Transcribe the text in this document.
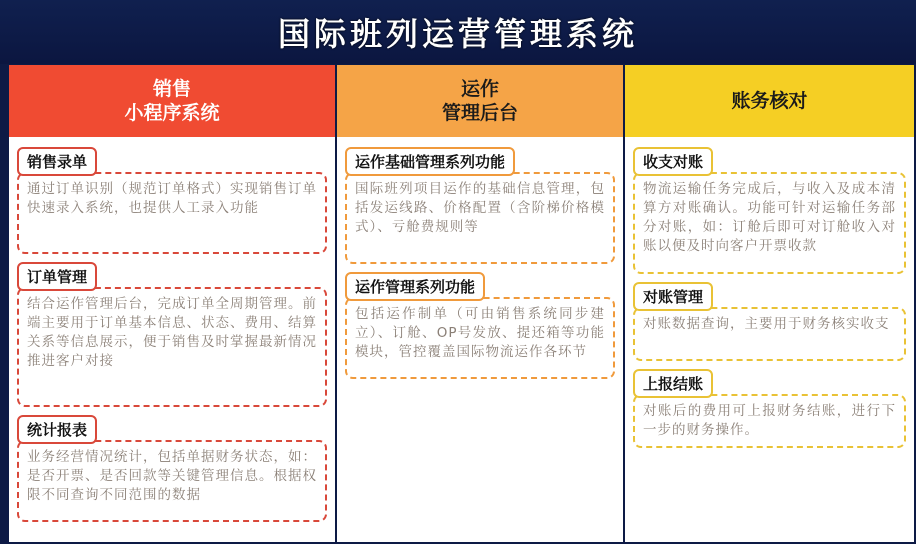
国际班列运营管理系统
销售
小程序系统
销售录单
通过订单识别（规范订单格式）实现销售订单快速录入系统，也提供人工录入功能
订单管理
结合运作管理后台，完成订单全周期管理。前端主要用于订单基本信息、状态、费用、结算关系等信息展示，便于销售及时掌握最新情况推进客户对接
统计报表
业务经营情况统计，包括单据财务状态，如：是否开票、是否回款等关键管理信息。根据权限不同查询不同范围的数据
运作
管理后台
运作基础管理系列功能
国际班列项目运作的基础信息管理，包括发运线路、价格配置（含阶梯价格模式）、亏舱费规则等
运作管理系列功能
包括运作制单（可由销售系统同步建立）、订舱、OP号发放、提还箱等功能模块，管控覆盖国际物流运作各环节
账务核对
收支对账
物流运输任务完成后，与收入及成本清算方对账确认。功能可针对运输任务部分对账，如：订舱后即可对订舱收入对账以便及时向客户开票收款
对账管理
对账数据查询，主要用于财务核实收支
上报结账
对账后的费用可上报财务结账，进行下一步的财务操作。
